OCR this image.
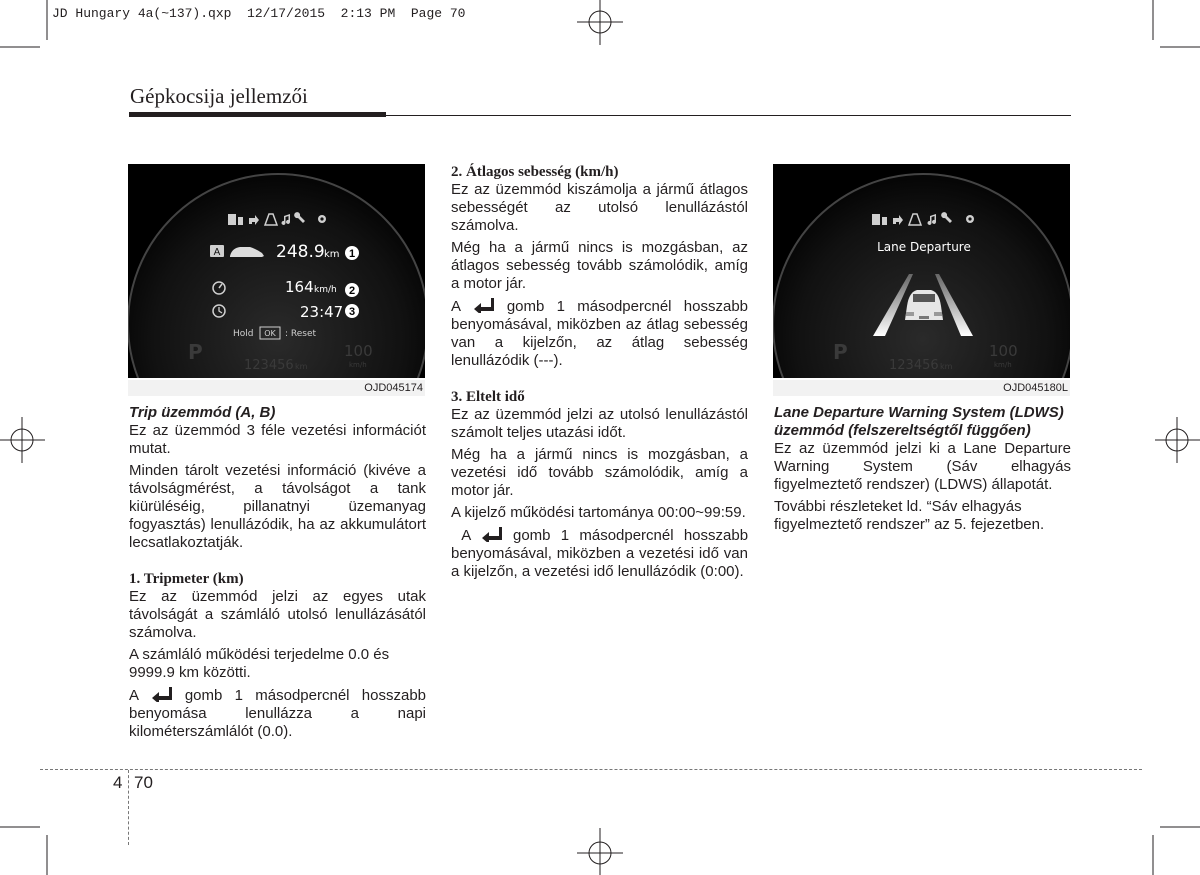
JD Hungary 4a(~137).qxp  12/17/2015  2:13 PM  Page 70
Gépkocsija jellemzői
A	248.9 km 1
164 km/h 2
23:47 3
Hold OK : Reset
P
123456 km
100
km/h
OJD045174
Lane Departure
P
123456 km
100
km/h
OJD045180L

Trip üzemmód (A, B)

Ez az üzemmód 3 féle vezetési információt mutat.

Minden tárolt vezetési információ (kivéve a távolságmérést, a távolságot a tank kiürüléséig, pillanatnyi üzemanyag fogyasztás) lenullázódik, ha az akkumulátort lecsatlakoztatják.

1. Tripmeter (km)

Ez az üzemmód jelzi az egyes utak távolságát a számláló utolsó lenullázásától számolva.

A számláló működési terjedelme 0.0 és 9999.9 km közötti.

A	gomb 1 másodpercnél hosszabb benyomása lenullázza a napi kilométerszámlálót (0.0).

2. Átlagos sebesség (km/h)

Ez az üzemmód kiszámolja a jármű átlagos sebességét az utolsó lenullázástól számolva.

Még ha a jármű nincs is mozgásban, az átlagos sebesség tovább számolódik, amíg a motor jár.

A	gomb 1 másodpercnél hosszabb benyomásával, miközben az átlag sebesség van a kijelzőn, az átlag sebesség lenullázódik (---).

3. Eltelt idő

Ez az üzemmód jelzi az utolsó lenullázástól számolt teljes utazási időt.

Még ha a jármű nincs is mozgásban, a vezetési idő tovább számolódik, amíg a motor jár.

A kijelző működési tartománya 00:00~99:59.

A	gomb 1 másodpercnél hosszabb benyomásával, miközben a vezetési idő van a kijelzőn, a vezetési idő lenullázódik (0:00).

Lane Departure Warning System (LDWS) üzemmód (felszereltségtől függően)

Ez az üzemmód jelzi ki a Lane Departure Warning System (Sáv elhagyás figyelmeztető rendszer) (LDWS) állapotát.

További részleteket ld. “Sáv elhagyás figyelmeztető rendszer” az 5. fejezetben.

4 70
